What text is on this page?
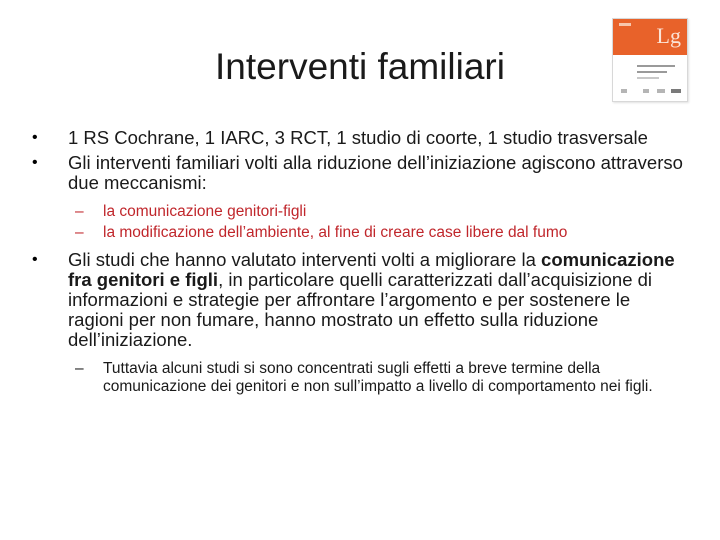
Interventi familiari
Lg
• 1 RS Cochrane, 1 IARC, 3 RCT, 1 studio di coorte, 1 studio trasversale
• Gli interventi familiari volti alla riduzione dell’iniziazione agiscono attraverso due meccanismi:
– la comunicazione genitori-figli
– la modificazione dell’ambiente, al fine di creare case libere dal fumo
• Gli studi che hanno valutato interventi volti a migliorare la comunicazione fra genitori e figli, in particolare quelli caratterizzati dall’acquisizione di informazioni e strategie per affrontare l’argomento e per sostenere le ragioni per non fumare, hanno mostrato un effetto sulla riduzione dell’iniziazione.
– Tuttavia alcuni studi si sono concentrati sugli effetti a breve termine della comunicazione dei genitori e non sull’impatto a livello di comportamento nei figli.
